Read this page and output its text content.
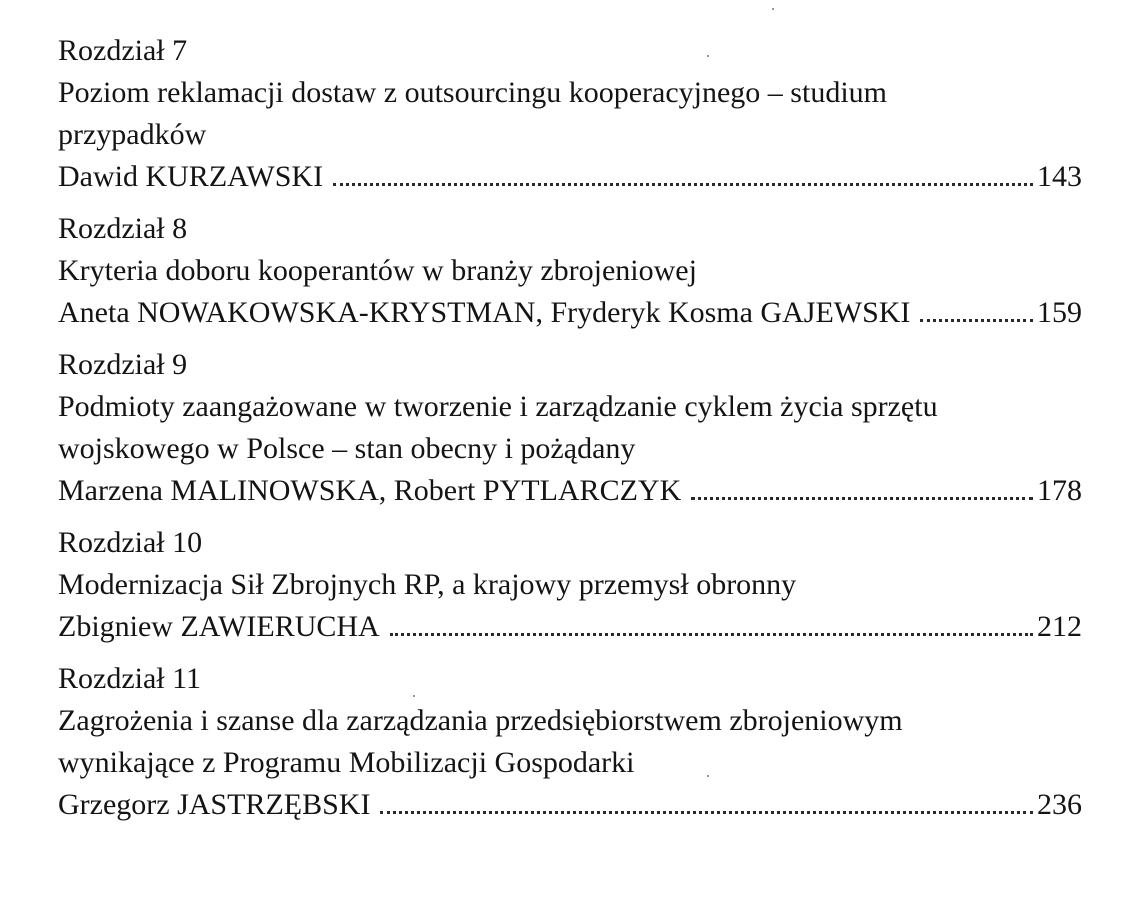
Rozdział 7
Poziom reklamacji dostaw z outsourcingu kooperacyjnego – studium przypadków
Dawid KURZAWSKI	143
Rozdział 8
Kryteria doboru kooperantów w branży zbrojeniowej
Aneta NOWAKOWSKA-KRYSTMAN, Fryderyk Kosma GAJEWSKI	159
Rozdział 9
Podmioty zaangażowane w tworzenie i zarządzanie cyklem życia sprzętu wojskowego w Polsce – stan obecny i pożądany
Marzena MALINOWSKA, Robert PYTLARCZYK	178
Rozdział 10
Modernizacja Sił Zbrojnych RP, a krajowy przemysł obronny
Zbigniew ZAWIERUCHA	212
Rozdział 11
Zagrożenia i szanse dla zarządzania przedsiębiorstwem zbrojeniowym wynikające z Programu Mobilizacji Gospodarki
Grzegorz JASTRZĘBSKI	236
